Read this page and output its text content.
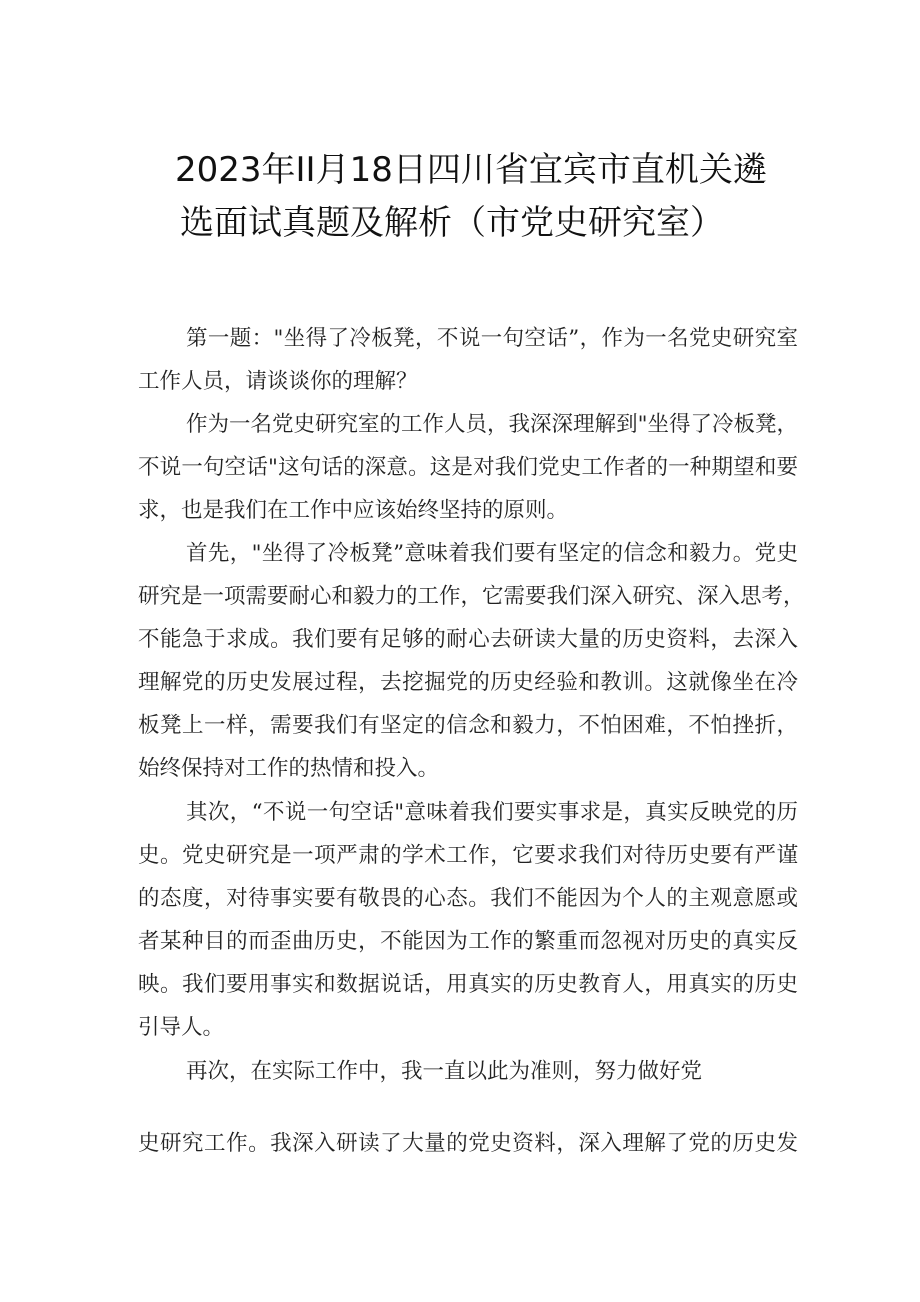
2023年II月18日四川省宜宾市直机关遴
选面试真题及解析（市党史研究室）
第一题："坐得了冷板凳，不说一句空话”，作为一名党史研究室
工作人员，请谈谈你的理解？
作为一名党史研究室的工作人员，我深深理解到"坐得了冷板凳，
不说一句空话"这句话的深意。这是对我们党史工作者的一种期望和要
求，也是我们在工作中应该始终坚持的原则。
首先，"坐得了冷板凳”意味着我们要有坚定的信念和毅力。党史
研究是一项需要耐心和毅力的工作，它需要我们深入研究、深入思考，
不能急于求成。我们要有足够的耐心去研读大量的历史资料，去深入
理解党的历史发展过程，去挖掘党的历史经验和教训。这就像坐在冷
板凳上一样，需要我们有坚定的信念和毅力，不怕困难，不怕挫折，
始终保持对工作的热情和投入。
其次，“不说一句空话"意味着我们要实事求是，真实反映党的历
史。党史研究是一项严肃的学术工作，它要求我们对待历史要有严谨
的态度，对待事实要有敬畏的心态。我们不能因为个人的主观意愿或
者某种目的而歪曲历史，不能因为工作的繁重而忽视对历史的真实反
映。我们要用事实和数据说话，用真实的历史教育人，用真实的历史
引导人。
再次，在实际工作中，我一直以此为准则，努力做好党
史研究工作。我深入研读了大量的党史资料，深入理解了党的历史发
